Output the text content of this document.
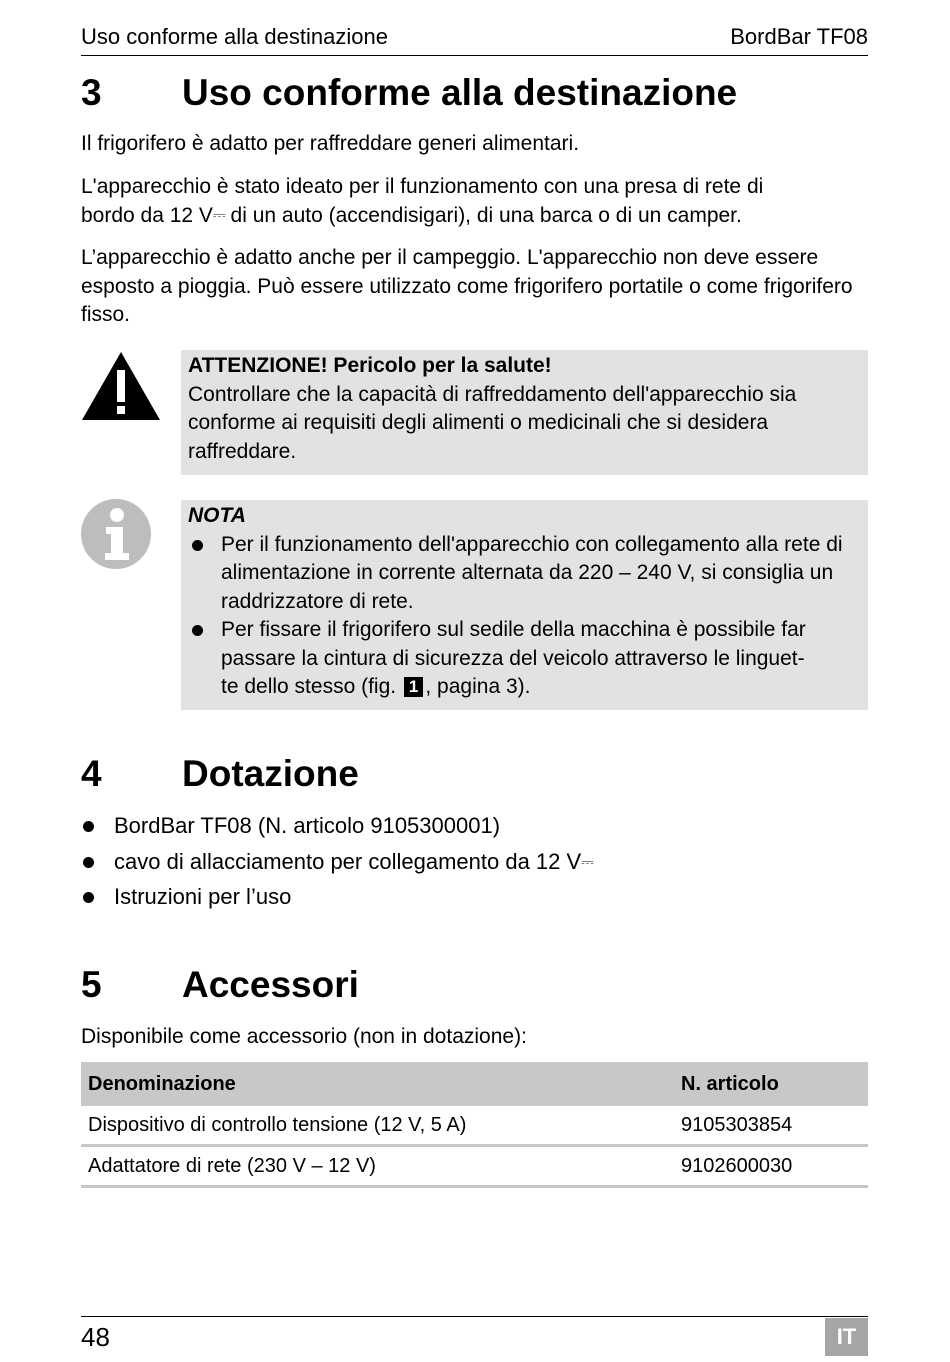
Uso conforme alla destinazione	BordBar TF08
3 Uso conforme alla destinazione
Il frigorifero è adatto per raffreddare generi alimentari.
L'apparecchio è stato ideato per il funzionamento con una presa di rete di
bordo da 12 V⎓ di un auto (accendisigari), di una barca o di un camper.
L’apparecchio è adatto anche per il campeggio. L'apparecchio non deve essere esposto a pioggia. Può essere utilizzato come frigorifero portatile o come frigorifero fisso.
ATTENZIONE! Pericolo per la salute!
Controllare che la capacità di raffreddamento dell'apparecchio sia conforme ai requisiti degli alimenti o medicinali che si desidera raffreddare.
NOTA
Per il funzionamento dell'apparecchio con collegamento alla rete di alimentazione in corrente alternata da 220 – 240 V, si consiglia un raddrizzatore di rete.
Per fissare il frigorifero sul sedile della macchina è possibile far
passare la cintura di sicurezza del veicolo attraverso le linguet-
te dello stesso (fig. 1 , pagina 3).
4 Dotazione
BordBar TF08 (N. articolo 9105300001)
cavo di allacciamento per collegamento da 12 V⎓
Istruzioni per l’uso
5 Accessori
Disponibile come accessorio (non in dotazione):
Denominazione	N. articolo
Dispositivo di controllo tensione (12 V, 5 A)	9105303854
Adattatore di rete (230 V – 12 V)	9102600030
48	IT
